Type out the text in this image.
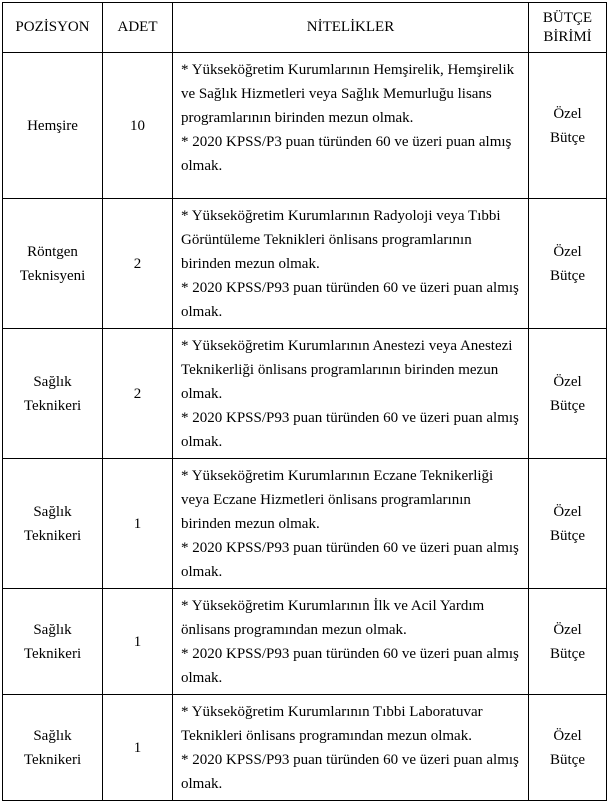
POZİSYON	ADET	NİTELİKLER	BÜTÇE
BİRİMİ

Hemşire	10	* Yükseköğretim Kurumlarının Hemşirelik, Hemşirelik ve Sağlık Hizmetleri veya Sağlık Memurluğu lisans programlarının birinden mezun olmak.
* 2020 KPSS/P3 puan türünden 60 ve üzeri puan almış olmak.	Özel
Bütçe

Röntgen
Teknisyeni	2	* Yükseköğretim Kurumlarının Radyoloji veya Tıbbi Görüntüleme Teknikleri önlisans programlarının birinden mezun olmak.
* 2020 KPSS/P93 puan türünden 60 ve üzeri puan almış olmak.	Özel
Bütçe

Sağlık
Teknikeri	2	* Yükseköğretim Kurumlarının Anestezi veya Anestezi Teknikerliği önlisans programlarının birinden mezun olmak.
* 2020 KPSS/P93 puan türünden 60 ve üzeri puan almış olmak.	Özel
Bütçe

Sağlık
Teknikeri	1	* Yükseköğretim Kurumlarının Eczane Teknikerliği veya Eczane Hizmetleri önlisans programlarının birinden mezun olmak.
* 2020 KPSS/P93 puan türünden 60 ve üzeri puan almış olmak.	Özel
Bütçe

Sağlık
Teknikeri	1	* Yükseköğretim Kurumlarının İlk ve Acil Yardım önlisans programından mezun olmak.
* 2020 KPSS/P93 puan türünden 60 ve üzeri puan almış olmak.	Özel
Bütçe

Sağlık
Teknikeri	1	* Yükseköğretim Kurumlarının Tıbbi Laboratuvar Teknikleri önlisans programından mezun olmak.
* 2020 KPSS/P93 puan türünden 60 ve üzeri puan almış olmak.	Özel
Bütçe
